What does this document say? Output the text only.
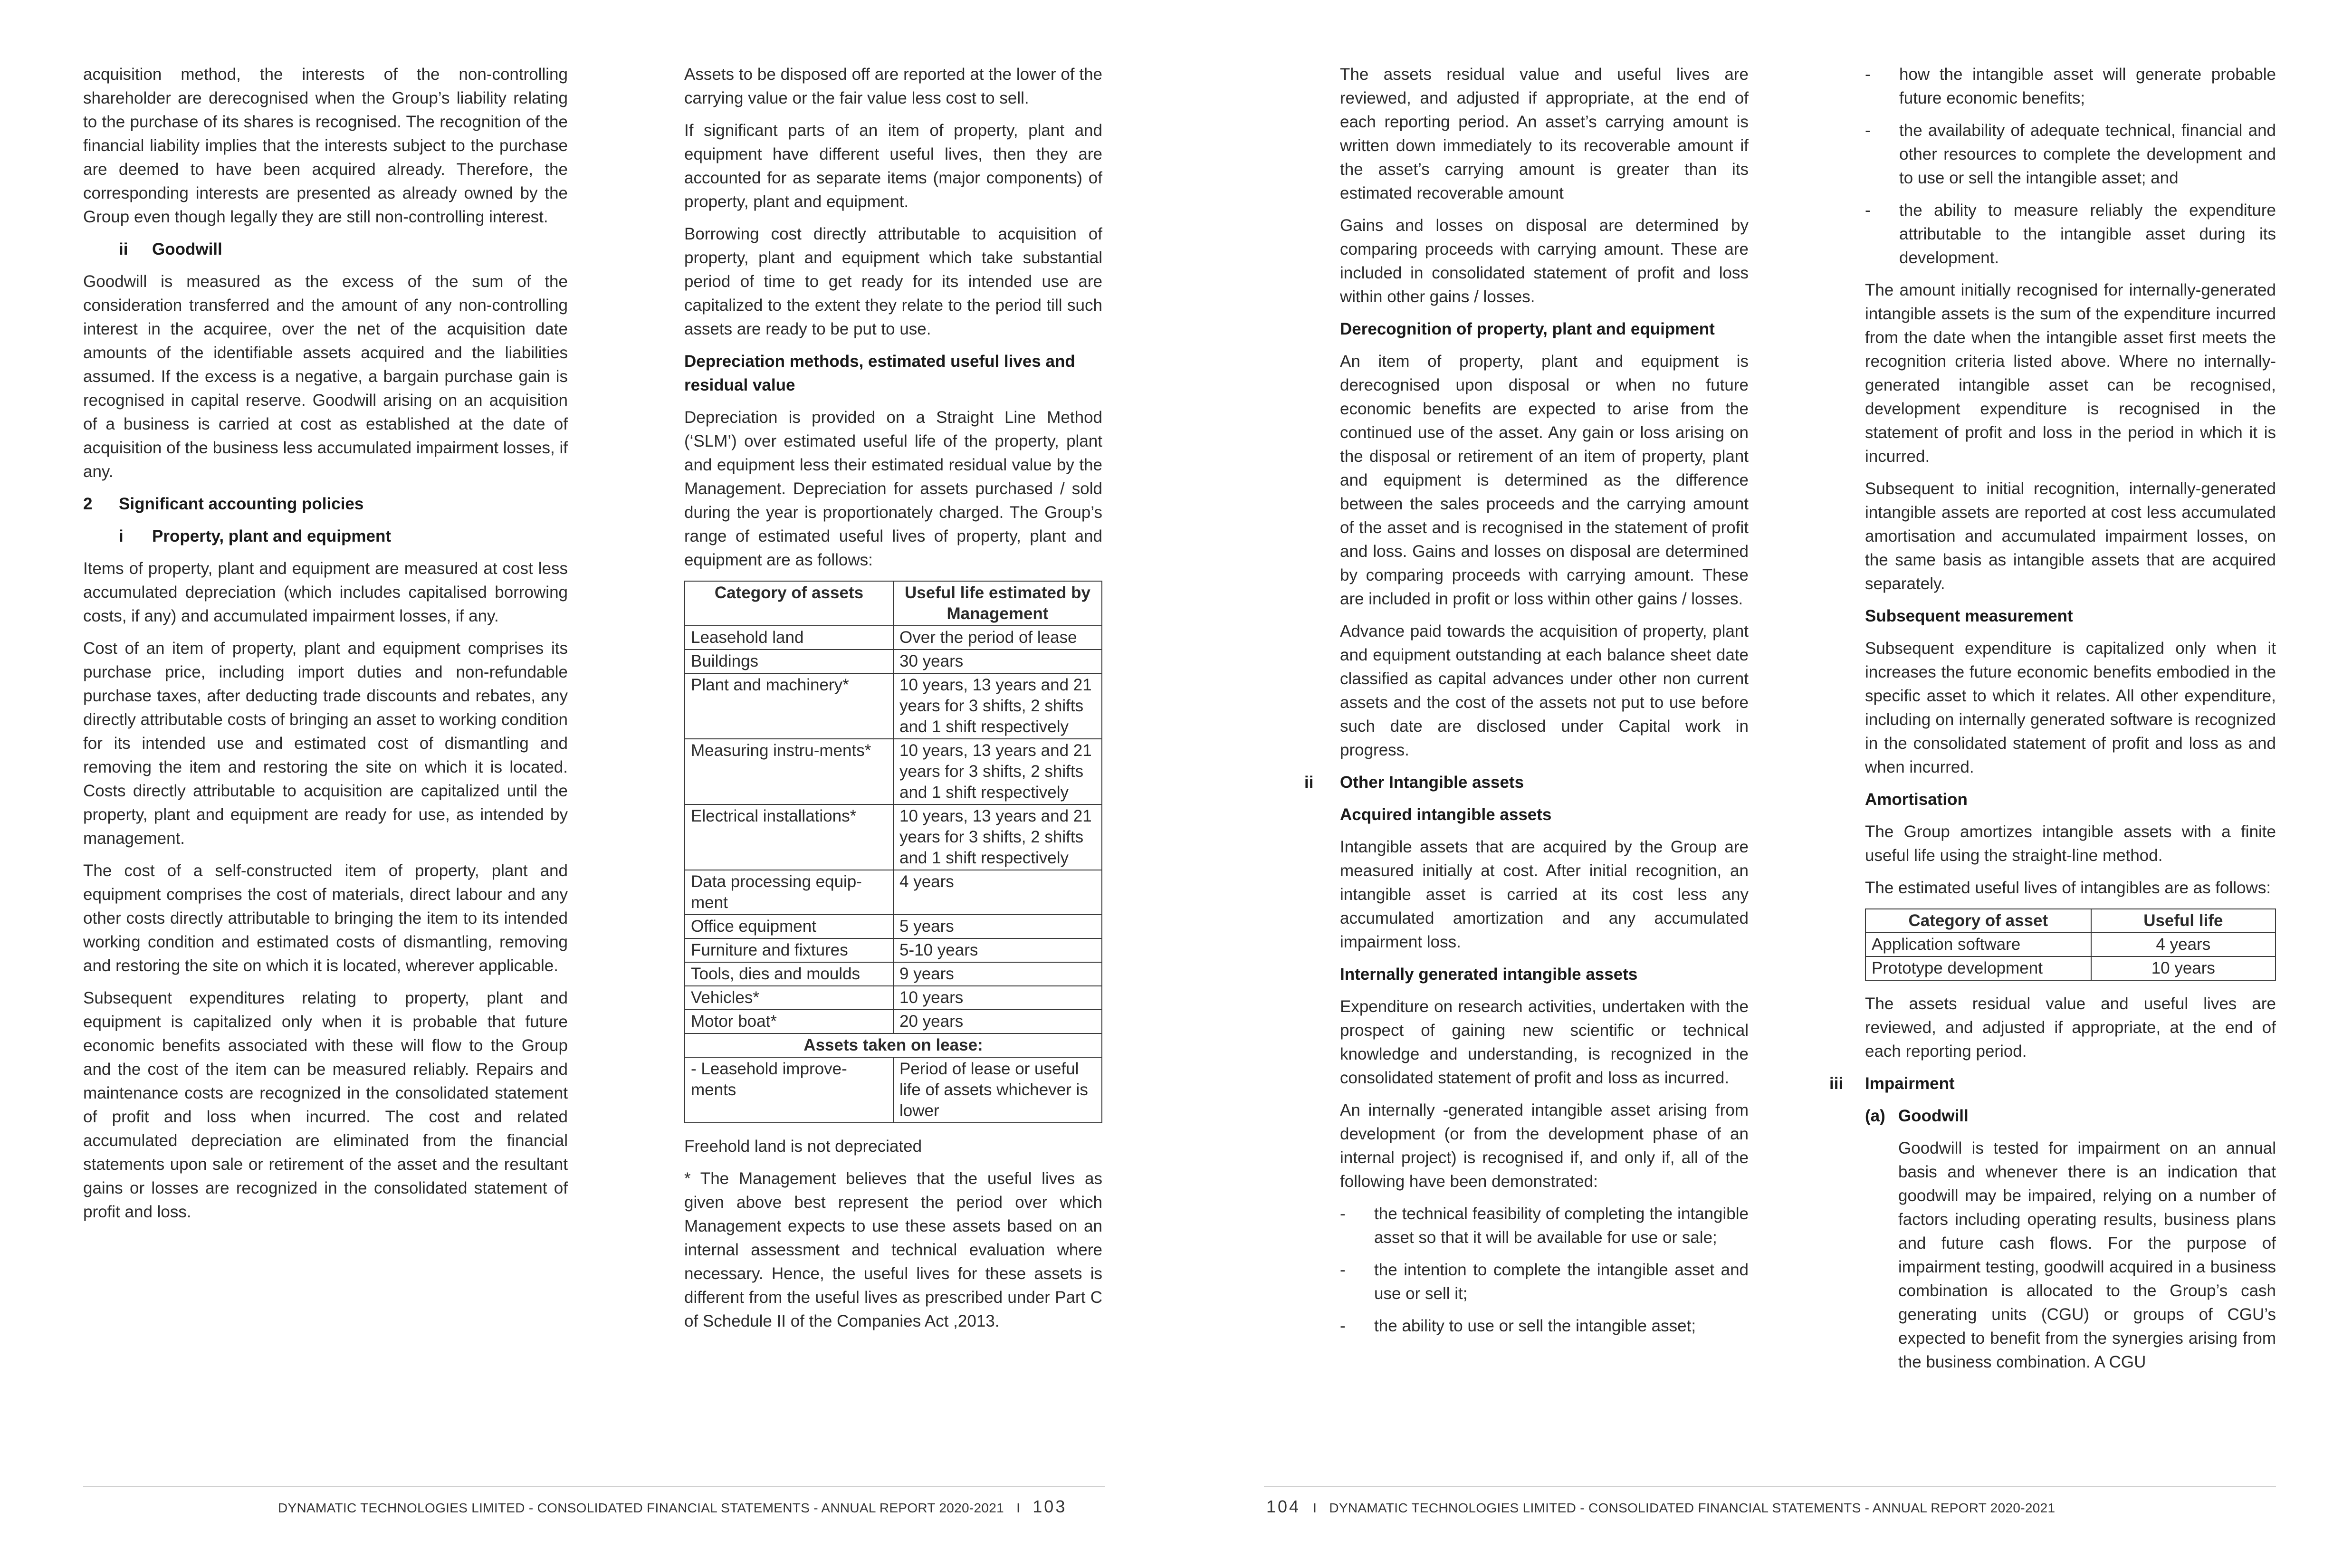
acquisition method, the interests of the non-controlling shareholder are derecognised when the Group’s liability relating to the purchase of its shares is recognised. The recognition of the financial liability implies that the interests subject to the purchase are deemed to have been acquired already. Therefore, the corresponding interests are presented as already owned by the Group even though legally they are still non-controlling interest.

ii Goodwill

Goodwill is measured as the excess of the sum of the consideration transferred and the amount of any non-controlling interest in the acquiree, over the net of the acquisition date amounts of the identifiable assets acquired and the liabilities assumed. If the excess is a negative, a bargain purchase gain is recognised in capital reserve. Goodwill arising on an acquisition of a business is carried at cost as established at the date of acquisition of the business less accumulated impairment losses, if any.

2 Significant accounting policies
i Property, plant and equipment

Items of property, plant and equipment are measured at cost less accumulated depreciation (which includes capitalised borrowing costs, if any) and accumulated impairment losses, if any.

Cost of an item of property, plant and equipment comprises its purchase price, including import duties and non-refundable purchase taxes, after deducting trade discounts and rebates, any directly attributable costs of bringing an asset to working condition for its intended use and estimated cost of dismantling and removing the item and restoring the site on which it is located. Costs directly attributable to acquisition are capitalized until the property, plant and equipment are ready for use, as intended by management.

The cost of a self-constructed item of property, plant and equipment comprises the cost of materials, direct labour and any other costs directly attributable to bringing the item to its intended working condition and estimated costs of dismantling, removing and restoring the site on which it is located, wherever applicable.

Subsequent expenditures relating to property, plant and equipment is capitalized only when it is probable that future economic benefits associated with these will flow to the Group and the cost of the item can be measured reliably. Repairs and maintenance costs are recognized in the consolidated statement of profit and loss when incurred. The cost and related accumulated depreciation are eliminated from the financial statements upon sale or retirement of the asset and the resultant gains or losses are recognized in the consolidated statement of profit and loss.

Assets to be disposed off are reported at the lower of the carrying value or the fair value less cost to sell.

If significant parts of an item of property, plant and equipment have different useful lives, then they are accounted for as separate items (major components) of property, plant and equipment.

Borrowing cost directly attributable to acquisition of property, plant and equipment which take substantial period of time to get ready for its intended use are capitalized to the extent they relate to the period till such assets are ready to be put to use.

Depreciation methods, estimated useful lives and residual value

Depreciation is provided on a Straight Line Method (‘SLM’) over estimated useful life of the property, plant and equipment less their estimated residual value by the Management. Depreciation for assets purchased / sold during the year is proportionately charged. The Group’s range of estimated useful lives of property, plant and equipment are as follows:

Category of assets	Useful life estimated by Management
Leasehold land	Over the period of lease
Buildings	30 years
Plant and machinery*	10 years, 13 years and 21 years for 3 shifts, 2 shifts and 1 shift respectively
Measuring instru-ments*	10 years, 13 years and 21 years for 3 shifts, 2 shifts and 1 shift respectively
Electrical installations*	10 years, 13 years and 21 years for 3 shifts, 2 shifts and 1 shift respectively
Data processing equip-ment	4 years
Office equipment	5 years
Furniture and fixtures	5-10 years
Tools, dies and moulds	9 years
Vehicles*	10 years
Motor boat*	20 years
Assets taken on lease:	
- Leasehold improve-ments	Period of lease or useful life of assets whichever is lower

Freehold land is not depreciated

* The Management believes that the useful lives as given above best represent the period over which Management expects to use these assets based on an internal assessment and technical evaluation where necessary. Hence, the useful lives for these assets is different from the useful lives as prescribed under Part C of Schedule II of the Companies Act ,2013.

The assets residual value and useful lives are reviewed, and adjusted if appropriate, at the end of each reporting period. An asset’s carrying amount is written down immediately to its recoverable amount if the asset’s carrying amount is greater than its estimated recoverable amount

Gains and losses on disposal are determined by comparing proceeds with carrying amount. These are included in consolidated statement of profit and loss within other gains / losses.

Derecognition of property, plant and equipment

An item of property, plant and equipment is derecognised upon disposal or when no future economic benefits are expected to arise from the continued use of the asset. Any gain or loss arising on the disposal or retirement of an item of property, plant and equipment is determined as the difference between the sales proceeds and the carrying amount of the asset and is recognised in the statement of profit and loss. Gains and losses on disposal are determined by comparing proceeds with carrying amount. These are included in profit or loss within other gains / losses.

Advance paid towards the acquisition of property, plant and equipment outstanding at each balance sheet date classified as capital advances under other non current assets and the cost of the assets not put to use before such date are disclosed under Capital work in progress.

ii Other Intangible assets
Acquired intangible assets

Intangible assets that are acquired by the Group are measured initially at cost. After initial recognition, an intangible asset is carried at its cost less any accumulated amortization and any accumulated impairment loss.

Internally generated intangible assets

Expenditure on research activities, undertaken with the prospect of gaining new scientific or technical knowledge and understanding, is recognized in the consolidated statement of profit and loss as incurred.

An internally -generated intangible asset arising from development (or from the development phase of an internal project) is recognised if, and only if, all of the following have been demonstrated:

-	the technical feasibility of completing the intangible asset so that it will be available for use or sale;
-	the intention to complete the intangible asset and use or sell it;
-	the ability to use or sell the intangible asset;
-	how the intangible asset will generate probable future economic benefits;
-	the availability of adequate technical, financial and other resources to complete the development and to use or sell the intangible asset; and
-	the ability to measure reliably the expenditure attributable to the intangible asset during its development.

The amount initially recognised for internally-generated intangible assets is the sum of the expenditure incurred from the date when the intangible asset first meets the recognition criteria listed above. Where no internally-generated intangible asset can be recognised, development expenditure is recognised in the statement of profit and loss in the period in which it is incurred.

Subsequent to initial recognition, internally-generated intangible assets are reported at cost less accumulated amortisation and accumulated impairment losses, on the same basis as intangible assets that are acquired separately.

Subsequent measurement

Subsequent expenditure is capitalized only when it increases the future economic benefits embodied in the specific asset to which it relates. All other expenditure, including on internally generated software is recognized in the consolidated statement of profit and loss as and when incurred.

Amortisation

The Group amortizes intangible assets with a finite useful life using the straight-line method.

The estimated useful lives of intangibles are as follows:

Category of asset	Useful life
Application software	4 years
Prototype development	10 years

The assets residual value and useful lives are reviewed, and adjusted if appropriate, at the end of each reporting period.

iii Impairment
(a) Goodwill

Goodwill is tested for impairment on an annual basis and whenever there is an indication that goodwill may be impaired, relying on a number of factors including operating results, business plans and future cash flows. For the purpose of impairment testing, goodwill acquired in a business combination is allocated to the Group’s cash generating units (CGU) or groups of CGU’s expected to benefit from the synergies arising from the business combination. A CGU

DYNAMATIC TECHNOLOGIES LIMITED - CONSOLIDATED FINANCIAL STATEMENTS - ANNUAL REPORT 2020-2021 I 103	104 I DYNAMATIC TECHNOLOGIES LIMITED - CONSOLIDATED FINANCIAL STATEMENTS - ANNUAL REPORT 2020-2021
